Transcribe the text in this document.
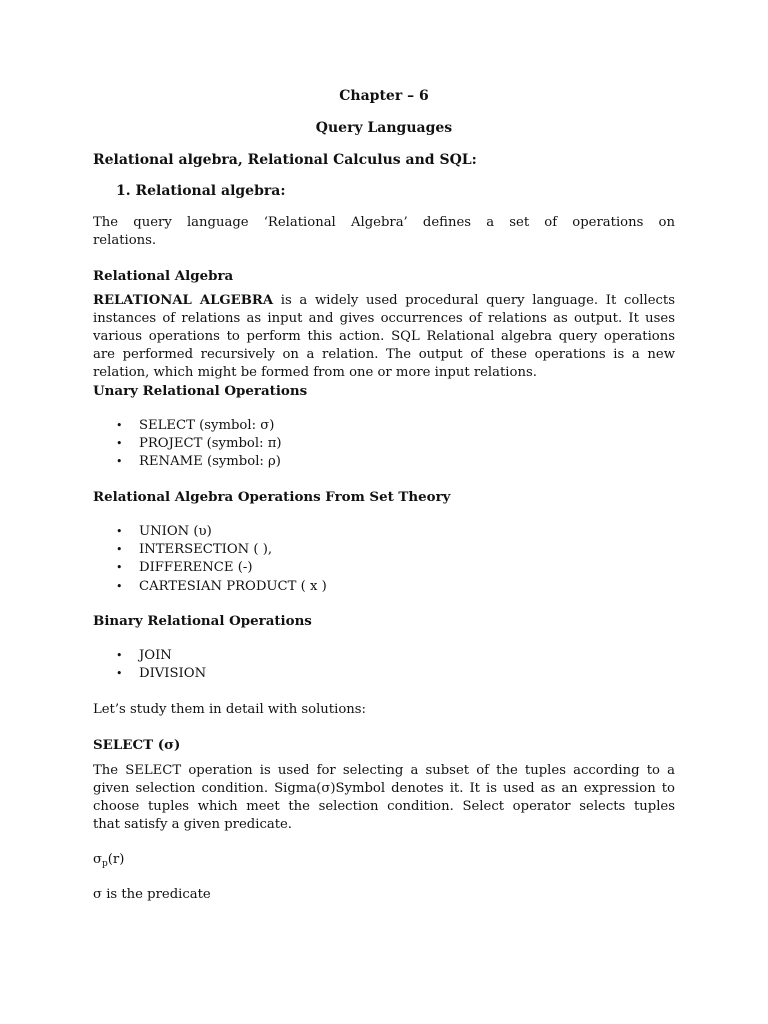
Chapter – 6
Query Languages
Relational algebra, Relational Calculus and SQL:
1. Relational algebra:
The query language ‘Relational Algebra’ defines a set of operations on
relations.
Relational Algebra
RELATIONAL ALGEBRA is a widely used procedural query language. It collects
instances of relations as input and gives occurrences of relations as output. It uses
various operations to perform this action. SQL Relational algebra query operations
are performed recursively on a relation. The output of these operations is a new
relation, which might be formed from one or more input relations.
Unary Relational Operations
• SELECT (symbol: σ)
• PROJECT (symbol: π)
• RENAME (symbol: ρ)
Relational Algebra Operations From Set Theory
• UNION (υ)
• INTERSECTION ( ),
• DIFFERENCE (-)
• CARTESIAN PRODUCT ( x )
Binary Relational Operations
• JOIN
• DIVISION
Let’s study them in detail with solutions:
SELECT (σ)
The SELECT operation is used for selecting a subset of the tuples according to a
given selection condition. Sigma(σ)Symbol denotes it. It is used as an expression to
choose tuples which meet the selection condition. Select operator selects tuples
that satisfy a given predicate.
$\sigma_p(r)$
σ is the predicate
